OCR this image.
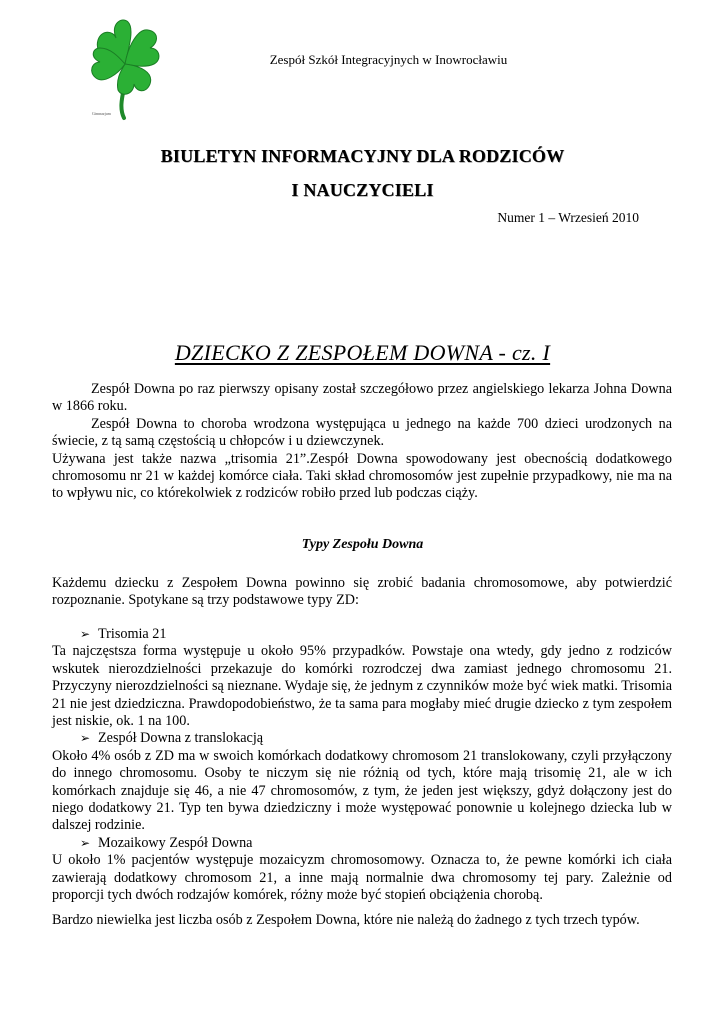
Gimnazjum
Zespół Szkół Integracyjnych w Inowrocławiu
BIULETYN INFORMACYJNY DLA RODZICÓW
I NAUCZYCIELI
Numer 1 – Wrzesień 2010
DZIECKO Z ZESPOŁEM DOWNA - cz. I

Zespół Downa po raz pierwszy opisany został szczegółowo przez angielskiego lekarza Johna Downa w 1866 roku.

Zespół Downa to choroba wrodzona występująca u jednego na każde 700 dzieci urodzonych na świecie, z tą samą częstością u chłopców i u dziewczynek.

Używana jest także nazwa „trisomia 21”.Zespół Downa spowodowany jest obecnością dodatkowego chromosomu nr 21 w każdej komórce ciała. Taki skład chromosomów jest zupełnie przypadkowy, nie ma na to wpływu nic, co którekolwiek z rodziców robiło przed lub podczas ciąży.

Typy Zespołu Downa

Każdemu dziecku z Zespołem Downa powinno się zrobić badania chromosomowe, aby potwierdzić rozpoznanie. Spotykane są trzy podstawowe typy ZD:

➢ Trisomia 21

Ta najczęstsza forma występuje u około 95% przypadków. Powstaje ona wtedy, gdy jedno z rodziców wskutek nierozdzielności przekazuje do komórki rozrodczej dwa zamiast jednego chromosomu 21. Przyczyny nierozdzielności są nieznane. Wydaje się, że jednym z czynników może być wiek matki. Trisomia 21 nie jest dziedziczna. Prawdopodobieństwo, że ta sama para mogłaby mieć drugie dziecko z tym zespołem jest niskie, ok. 1 na 100.

➢ Zespół Downa z translokacją

Około 4% osób z ZD ma w swoich komórkach dodatkowy chromosom 21 translokowany, czyli przyłączony do innego chromosomu. Osoby te niczym się nie różnią od tych, które mają trisomię 21, ale w ich komórkach znajduje się 46, a nie 47 chromosomów, z tym, że jeden jest większy, gdyż dołączony jest do niego dodatkowy 21. Typ ten bywa dziedziczny i może występować ponownie u kolejnego dziecka lub w dalszej rodzinie.

➢ Mozaikowy Zespół Downa

U około 1% pacjentów występuje mozaicyzm chromosomowy. Oznacza to, że pewne komórki ich ciała zawierają dodatkowy chromosom 21, a inne mają normalnie dwa chromosomy tej pary. Zależnie od proporcji tych dwóch rodzajów komórek, różny może być stopień obciążenia chorobą.

Bardzo niewielka jest liczba osób z Zespołem Downa, które nie należą do żadnego z tych trzech typów.
